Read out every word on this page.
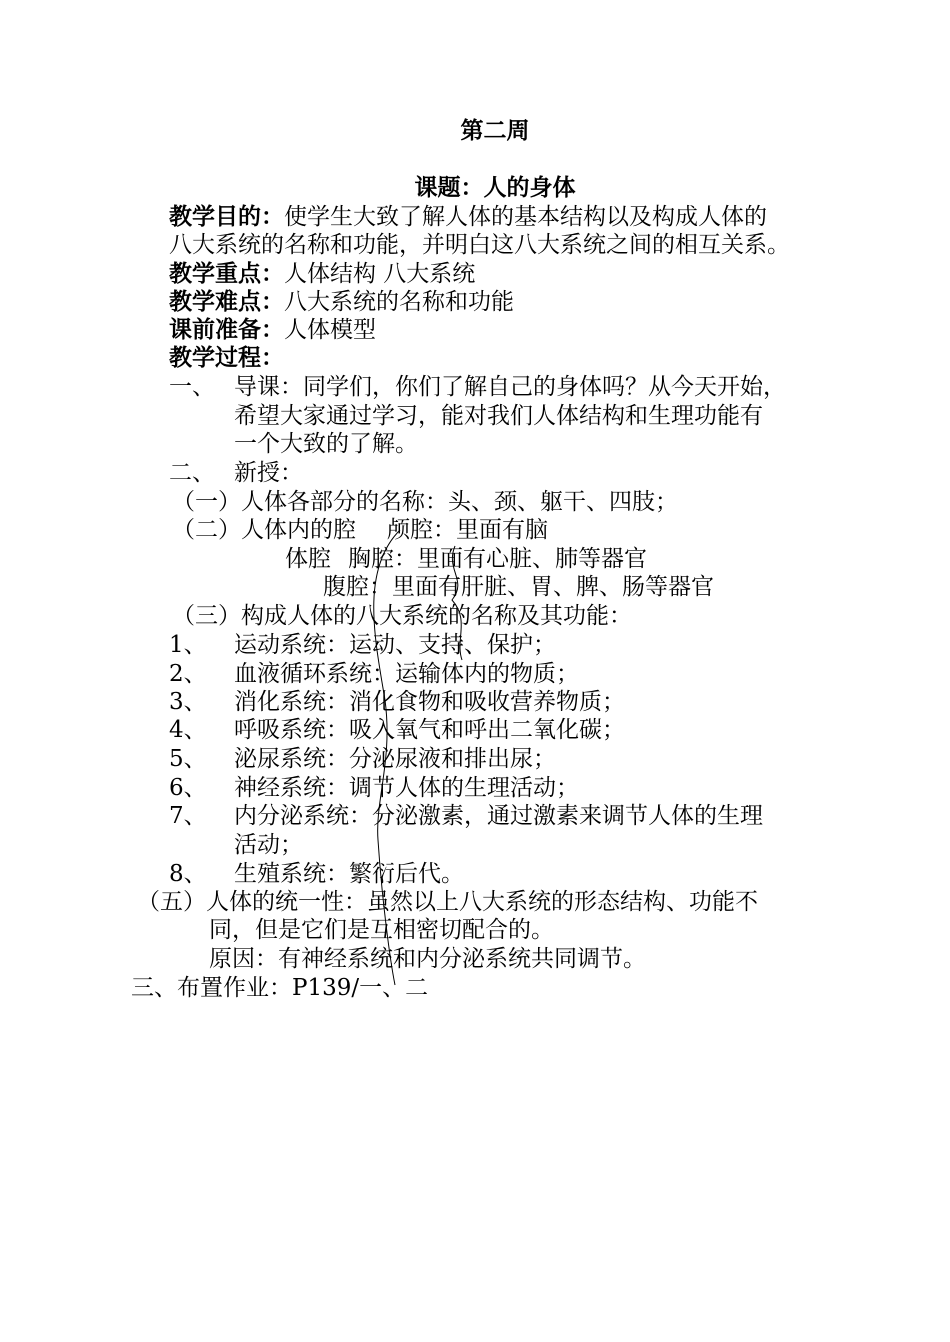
第二周
课题：人的身体
教学目的：使学生大致了解人体的基本结构以及构成人体的
八大系统的名称和功能，并明白这八大系统之间的相互关系。
教学重点：人体结构 八大系统
教学难点：八大系统的名称和功能
课前准备：人体模型
教学过程：
一、 导课：同学们，你们了解自己的身体吗？从今天开始，
希望大家通过学习，能对我们人体结构和生理功能有
一个大致的了解。
二、 新授：
（一）人体各部分的名称：头、颈、躯干、四肢；
（二）人体内的腔 颅腔：里面有脑
体腔 胸腔：里面有心脏、肺等器官
腹腔：里面有肝脏、胃、脾、肠等器官
（三）构成人体的八大系统的名称及其功能：
1、 运动系统：运动、支持、保护；
2、 血液循环系统：运输体内的物质；
3、 消化系统：消化食物和吸收营养物质；
4、 呼吸系统：吸入氧气和呼出二氧化碳；
5、 泌尿系统：分泌尿液和排出尿；
6、 神经系统：调节人体的生理活动；
7、 内分泌系统：分泌激素，通过激素来调节人体的生理
活动；
8、 生殖系统：繁衍后代。
（五）人体的统一性：虽然以上八大系统的形态结构、功能不
同，但是它们是互相密切配合的。
原因：有神经系统和内分泌系统共同调节。
三、布置作业：P139/一、二
